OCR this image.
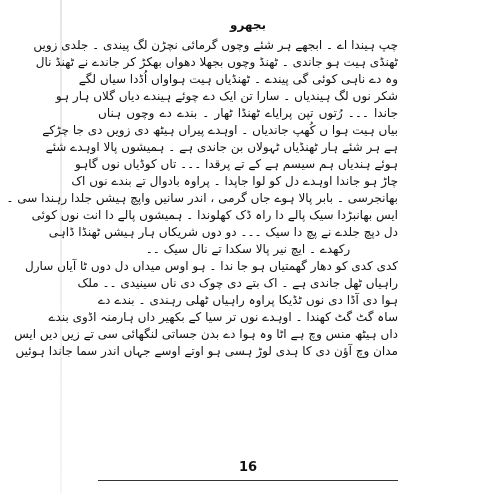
بجھرو
چپ ہیندا اے ۔ ابجھے ہر شئے وچوں گرمائی نچڑن لگ پیندی ۔ جلدی زویں
ٹھنڈی ہیت ہو جاندی ۔ ٹھنڈ وچوں بجھلا دھواں بھکڑ کر جاندے نے ٹھنڈ نال
وہ دے ناہی کوئی گی پیندے ۔ ٹھنڈیاں ہیت ہواواں اُڈدا سیاں لگے
شکر نوں لگ ہیندیاں ۔ سارا تن ایک دے چوئے ہیندے دیاں گلاں ہار ہو
جاندا ۔۔۔ رُتوں تپن پرایاے ٹھنڈا ٹھار ۔ بندے دے وچوں ہناں
بیاں ہیت ہوا ں کُھپ جاندیاں ۔ اوہدے پیراں ہیٹھ دی زویں دی جا چڑکے
ہے ہر شئے ہار ٹھنڈیاں ٹہولاں بن جاندی ہے ۔ ہمیشوں پالا اوہدے شئے
ہوئے ہندیاں ہم سیسم ہے کے تے پرقدا ۔۔۔ تاں کوڈیاں نوں گاہو
چاڑ ہو جاندا اوہدے دل کو لوا جاپدا ۔ پراوہ بادوال تے بندے نوں اک
بھانجرسی ۔ بابر پالا ہوے جاں گرمی ، اندر سانیں واپچ ہیشں جلدا رہندا سی ۔
ایس بھانبڑدا سیک پالے دا راہ ڈک کھلوندا ۔ ہمیشوں پالے دا انت نوں کوئی
دل دپچ جلدے نے پچ دا سیک ۔۔۔ دو دوں شریکاں ہار ہیشں ٹھنڈا ڈاہی
رکھدے ۔ ایچ نیر پالا سکدا تے نال سیک ۔۔
کدی کدی کو دھار گھمتیاں ہو جا ندا ۔ ہو اوس میداں دل دوں ٹا آیاں سارل
راہیاں ٹھل جاندی ہے ۔ اک بتے دی چوک دی ناں سینیدی ۔۔ ملک
ہوا دی آڈا دی نوں ٹڈیکا پراوہ راہیاں ٹھلی رہندی ۔ بندے دے
ساہ گٹ گٹ کھندا ۔ اوہدے نوں تر سیا کے بکھیر داں ہارمنہ اڈوی بندے
داں ہیٹھ منس وچ ہے اٹا وہ ہوا دے بدن جساتی لنگھائی سی تے زیں دیں ایس
مدان وچ آؤن دی کا ہدی لوڑ ہسی ہو اوتے اوسے جہاں اندر سما جاندا ہوئیں
16
